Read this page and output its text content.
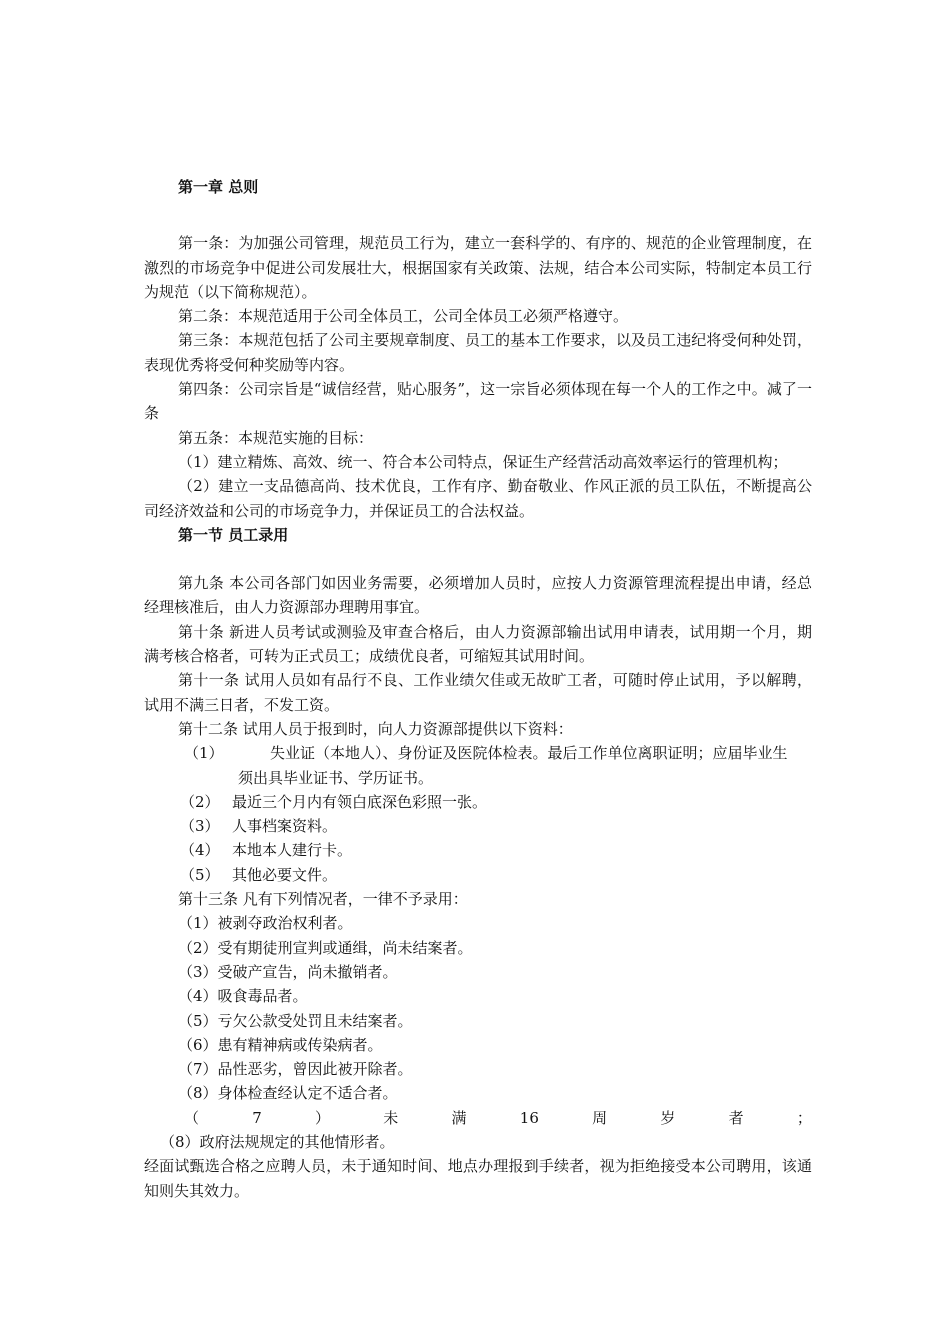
第一章 总则

第一条：为加强公司管理，规范员工行为，建立一套科学的、有序的、规范的企业管理制度，在激烈的市场竞争中促进公司发展壮大，根据国家有关政策、法规，结合本公司实际，特制定本员工行为规范（以下简称规范）。

第二条：本规范适用于公司全体员工，公司全体员工必须严格遵守。

第三条：本规范包括了公司主要规章制度、员工的基本工作要求，以及员工违纪将受何种处罚，表现优秀将受何种奖励等内容。

第四条：公司宗旨是“诚信经营，贴心服务”，这一宗旨必须体现在每一个人的工作之中。减了一条

第五条：本规范实施的目标：

（1）建立精炼、高效、统一、符合本公司特点，保证生产经营活动高效率运行的管理机构；

（2）建立一支品德高尚、技术优良，工作有序、勤奋敬业、作风正派的员工队伍，不断提高公司经济效益和公司的市场竞争力，并保证员工的合法权益。

第一节 员工录用

第九条 本公司各部门如因业务需要，必须增加人员时，应按人力资源管理流程提出申请，经总经理核准后，由人力资源部办理聘用事宜。

第十条 新进人员考试或测验及审查合格后，由人力资源部输出试用申请表，试用期一个月，期满考核合格者，可转为正式员工；成绩优良者，可缩短其试用时间。

第十一条 试用人员如有品行不良、工作业绩欠佳或无故旷工者，可随时停止试用，予以解聘，试用不满三日者，不发工资。

第十二条 试用人员于报到时，向人力资源部提供以下资料：

（1）	失业证（本地人）、身份证及医院体检表。最后工作单位离职证明；应届毕业生
须出具毕业证书、学历证书。
（2） 最近三个月内有领白底深色彩照一张。
（3） 人事档案资料。
（4） 本地本人建行卡。
（5） 其他必要文件。

第十三条 凡有下列情况者，一律不予录用：

（1）被剥夺政治权利者。

（2）受有期徒刑宣判或通缉，尚未结案者。

（3）受破产宣告，尚未撤销者。

（4）吸食毒品者。

（5）亏欠公款受处罚且未结案者。

（6）患有精神病或传染病者。

（7）品性恶劣，曾因此被开除者。

（8）身体检查经认定不适合者。

（	7	）	未	满	16	周	岁	者	；

（8）政府法规规定的其他情形者。

经面试甄选合格之应聘人员，未于通知时间、地点办理报到手续者，视为拒绝接受本公司聘用，该通知则失其效力。
